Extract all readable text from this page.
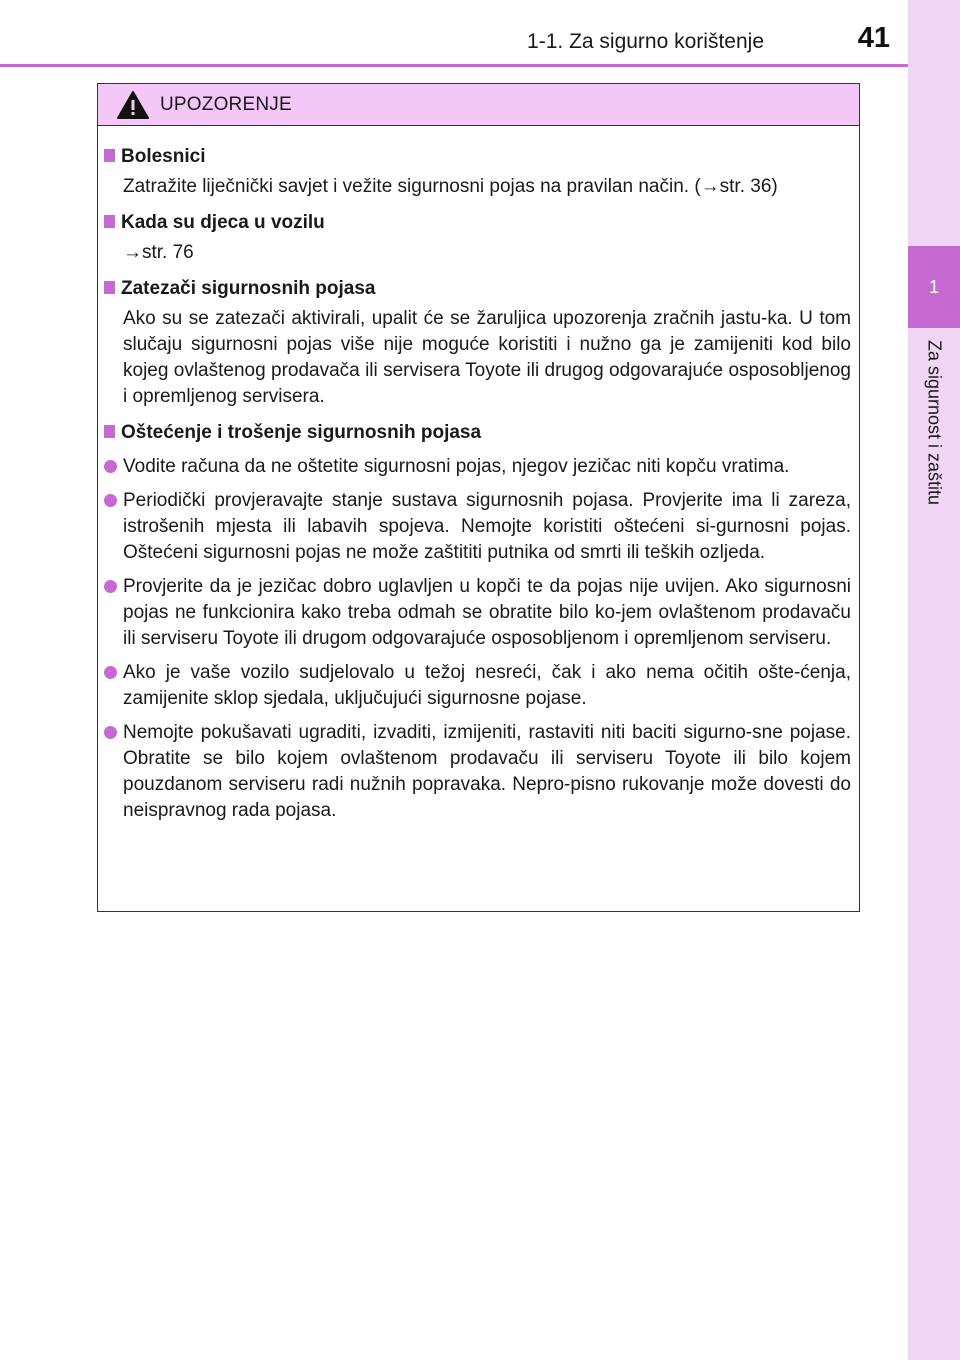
1-1. Za sigurno korištenje	41
1
Za sigurnost i zaštitu
UPOZORENJE
Bolesnici
Zatražite liječnički savjet i vežite sigurnosni pojas na pravilan način. (→str. 36)
Kada su djeca u vozilu
→str. 76
Zatezači sigurnosnih pojasa
Ako su se zatezači aktivirali, upalit će se žaruljica upozorenja zračnih jastu-ka. U tom slučaju sigurnosni pojas više nije moguće koristiti i nužno ga je zamijeniti kod bilo kojeg ovlaštenog prodavača ili servisera Toyote ili drugog odgovarajuće osposobljenog i opremljenog servisera.
Oštećenje i trošenje sigurnosnih pojasa
Vodite računa da ne oštetite sigurnosni pojas, njegov jezičac niti kopču vratima.
Periodički provjeravajte stanje sustava sigurnosnih pojasa. Provjerite ima li zareza, istrošenih mjesta ili labavih spojeva. Nemojte koristiti oštećeni si-gurnosni pojas. Oštećeni sigurnosni pojas ne može zaštititi putnika od smrti ili teških ozljeda.
Provjerite da je jezičac dobro uglavljen u kopči te da pojas nije uvijen. Ako sigurnosni pojas ne funkcionira kako treba odmah se obratite bilo ko-jem ovlaštenom prodavaču ili serviseru Toyote ili drugom odgovarajuće osposobljenom i opremljenom serviseru.
Ako je vaše vozilo sudjelovalo u težoj nesreći, čak i ako nema očitih ošte-ćenja, zamijenite sklop sjedala, uključujući sigurnosne pojase.
Nemojte pokušavati ugraditi, izvaditi, izmijeniti, rastaviti niti baciti sigurno-sne pojase. Obratite se bilo kojem ovlaštenom prodavaču ili serviseru Toyote ili bilo kojem pouzdanom serviseru radi nužnih popravaka. Nepro-pisno rukovanje može dovesti do neispravnog rada pojasa.
